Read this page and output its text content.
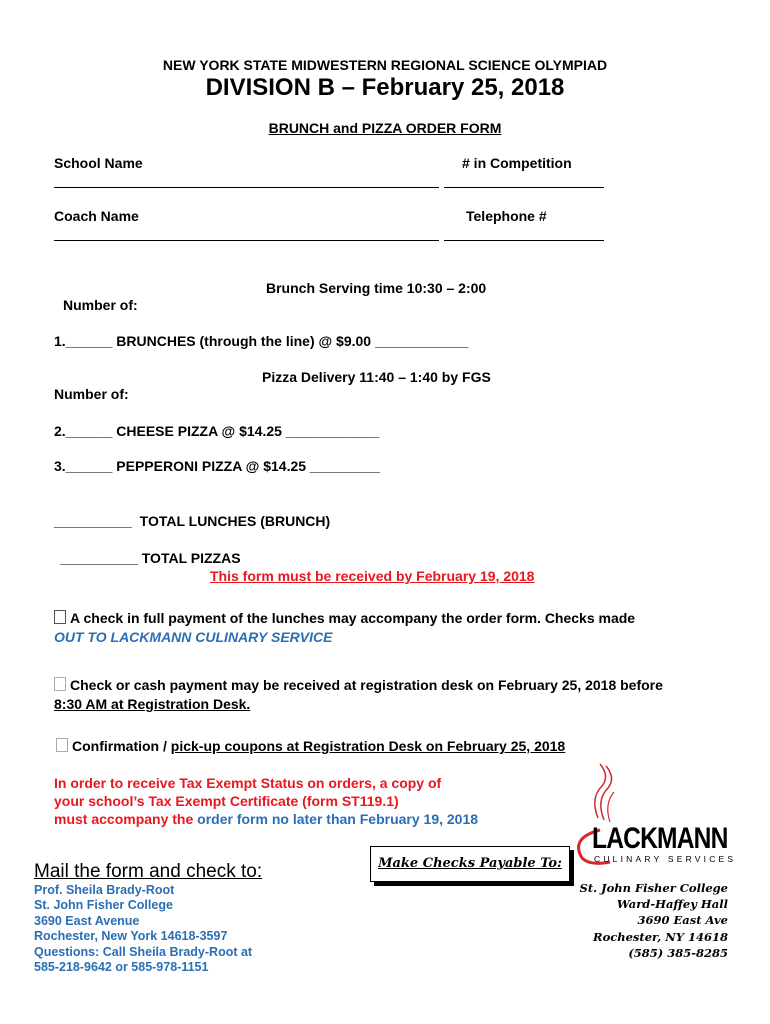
NEW YORK STATE MIDWESTERN REGIONAL SCIENCE OLYMPIAD
DIVISION B – February 25, 2018
BRUNCH and PIZZA ORDER FORM
School Name	# in Competition
Coach Name	Telephone #
Brunch Serving time 10:30 – 2:00
Number of:
1.______ BRUNCHES (through the line) @ $9.00 ____________
Pizza Delivery 11:40 – 1:40 by FGS
Number of:
2.______ CHEESE PIZZA @ $14.25 ____________
3.______ PEPPERONI PIZZA @ $14.25 _________
__________  TOTAL LUNCHES (BRUNCH)
__________ TOTAL PIZZAS
This form must be received by February 19, 2018
A check in full payment of the lunches may accompany the order form. Checks made
OUT TO LACKMANN CULINARY SERVICE
Check or cash payment may be received at registration desk on February 25, 2018 before
8:30 AM at Registration Desk.
Confirmation / pick-up coupons at Registration Desk on February 25, 2018
In order to receive Tax Exempt Status on orders, a copy of
your school’s Tax Exempt Certificate (form ST119.1)
must accompany the order form no later than February 19, 2018
Mail the form and check to:
Prof. Sheila Brady-Root
St. John Fisher College
3690 East Avenue
Rochester, New York 14618-3597
Questions: Call Sheila Brady-Root at
585-218-9642 or 585-978-1151
Make Checks Payable To:
St. John Fisher College
Ward-Haffey Hall
3690 East Ave
Rochester, NY 14618
(585) 385-8285
LACKMANN
CULINARY SERVICES
